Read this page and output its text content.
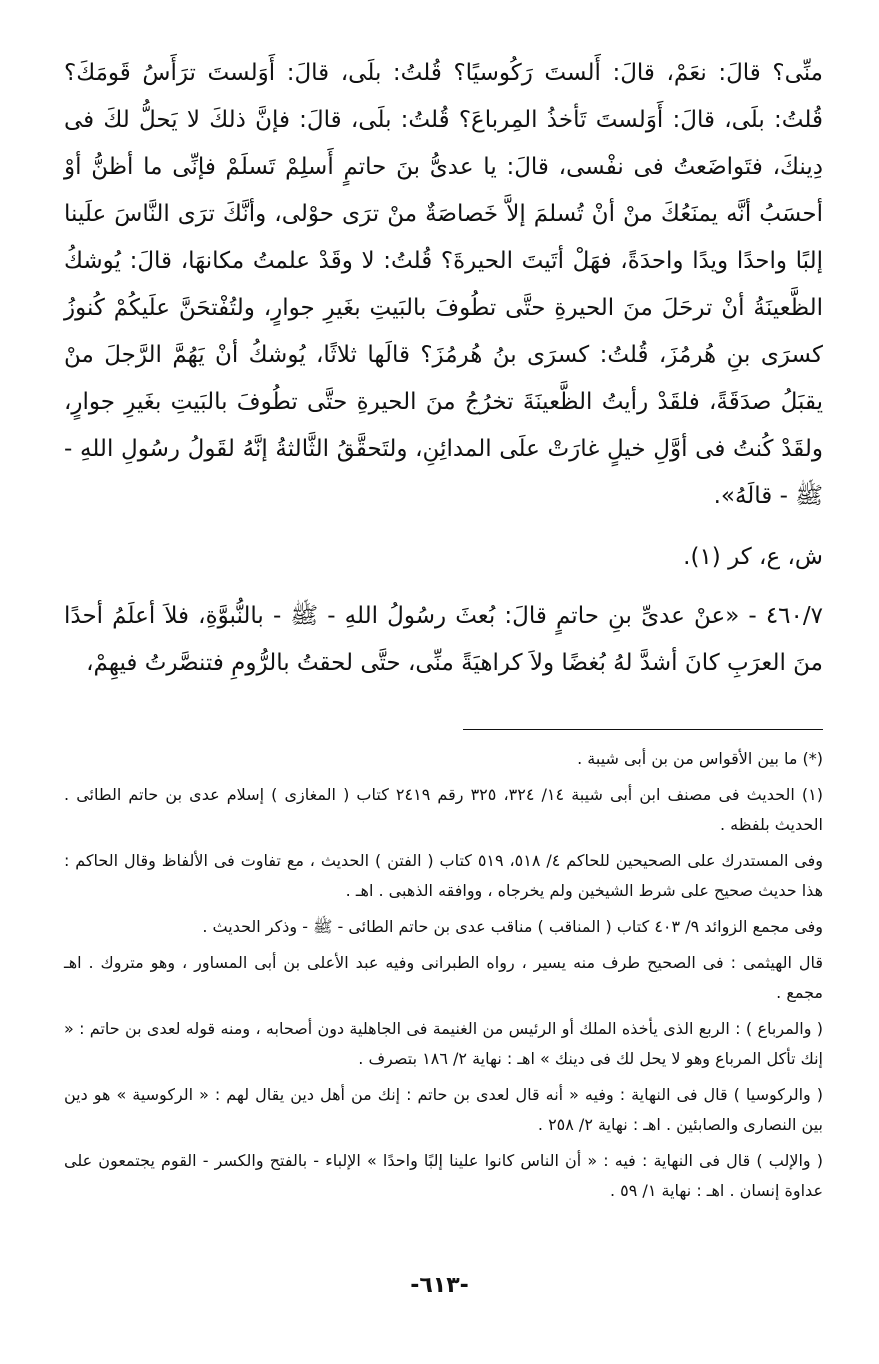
منِّى؟ قالَ: نعَمْ، قالَ: أَلستَ رَكُوسيًا؟ قُلتُ: بلَى، قالَ: أَوَلستَ ترَأَسُ قَومَكَ؟ قُلتُ: بلَى، قالَ: أَوَلستَ تَأخذُ المِرباعَ؟ قُلتُ: بلَى، قالَ: فإنَّ ذلكَ لا يَحلُّ لكَ فى دِينكَ، فتَواضَعتُ فى نفْسى، قالَ: يا عدىُّ بنَ حاتمٍ أَسلِمْ تَسلَمْ فإنِّى ما أظنُّ أوْ أحسَبُ أنَّه يمنَعُكَ منْ أنْ تُسلمَ إلاَّ خَصاصَةٌ منْ ترَى حوْلى، وأنَّكَ ترَى النَّاسَ علَينا إلبًا واحدًا ويدًا واحدَةً، فهَلْ أتَيتَ الحيرةَ؟ قُلتُ: لا وقَدْ علمتُ مكانهَا، قالَ: يُوشكُ الظَّعينَةُ أنْ ترحَلَ منَ الحيرةِ حتَّى تطُوفَ بالبَيتِ بغَيرِ جوارٍ، ولتُفْتحَنَّ علَيكُمْ كُنوزُ كسرَى بنِ هُرمُزَ، قُلتُ: كسرَى بنُ هُرمُزَ؟ قالَها ثلاثًا، يُوشكُ أنْ يَهُمَّ الرَّجلَ منْ يقبَلُ صدَقَةً، فلقَدْ رأيتُ الظَّعينَةَ تخرُجُ منَ الحيرةِ حتَّى تطُوفَ بالبَيتِ بغَيرِ جوارٍ، ولقَدْ كُنتُ فى أوَّلِ خيلٍ غارَتْ علَى المدائِنِ، ولتَحقَّقُ الثَّالثةُ إنَّهُ لقَولُ رسُولِ اللهِ - ﷺ - قالَهُ».

ش، ع، كر (١).

٤٦٠/٧ - «عنْ عدىِّ بنِ حاتمٍ قالَ: بُعثَ رسُولُ اللهِ - ﷺ - بالنُّبوَّةِ، فلاَ أعلَمُ أحدًا منَ العرَبِ كانَ أشدَّ لهُ بُغضًا ولاَ كراهيَةً منِّى، حتَّى لحقتُ بالرُّومِ فتنصَّرتُ فيهِمْ،

(*) ما بين الأقواس من بن أبى شيبة .

(١) الحديث فى مصنف ابن أبى شيبة ١٤/ ٣٢٤، ٣٢٥ رقم ٢٤١٩ كتاب ( المغازى ) إسلام عدى بن حاتم الطائى . الحديث بلفظه .

وفى المستدرك على الصحيحين للحاكم ٤/ ٥١٨، ٥١٩ كتاب ( الفتن ) الحديث ، مع تفاوت فى الألفاظ وقال الحاكم : هذا حديث صحيح على شرط الشيخين ولم يخرجاه ، ووافقه الذهبى . اهـ .

وفى مجمع الزوائد ٩/ ٤٠٣ كتاب ( المناقب ) مناقب عدى بن حاتم الطائى - ﷺ - وذكر الحديث .

قال الهيثمى : فى الصحيح طرف منه يسير ، رواه الطبرانى وفيه عبد الأعلى بن أبى المساور ، وهو متروك . اهـ مجمع .

( والمرباع ) : الربع الذى يأخذه الملك أو الرئيس من الغنيمة فى الجاهلية دون أصحابه ، ومنه قوله لعدى بن حاتم : « إنك تأكل المرباع وهو لا يحل لك فى دينك » اهـ : نهاية ٢/ ١٨٦ بتصرف .

( والركوسيا ) قال فى النهاية : وفيه « أنه قال لعدى بن حاتم : إنك من أهل دين يقال لهم : « الركوسية » هو دين بين النصارى والصابئين . اهـ : نهاية ٢/ ٢٥٨ .

( والإلب ) قال فى النهاية : فيه : « أن الناس كانوا علينا إلبًا واحدًا » الإلباء - بالفتح والكسر - القوم يجتمعون على عداوة إنسان . اهـ : نهاية ١/ ٥٩ .

-٦١٣-
